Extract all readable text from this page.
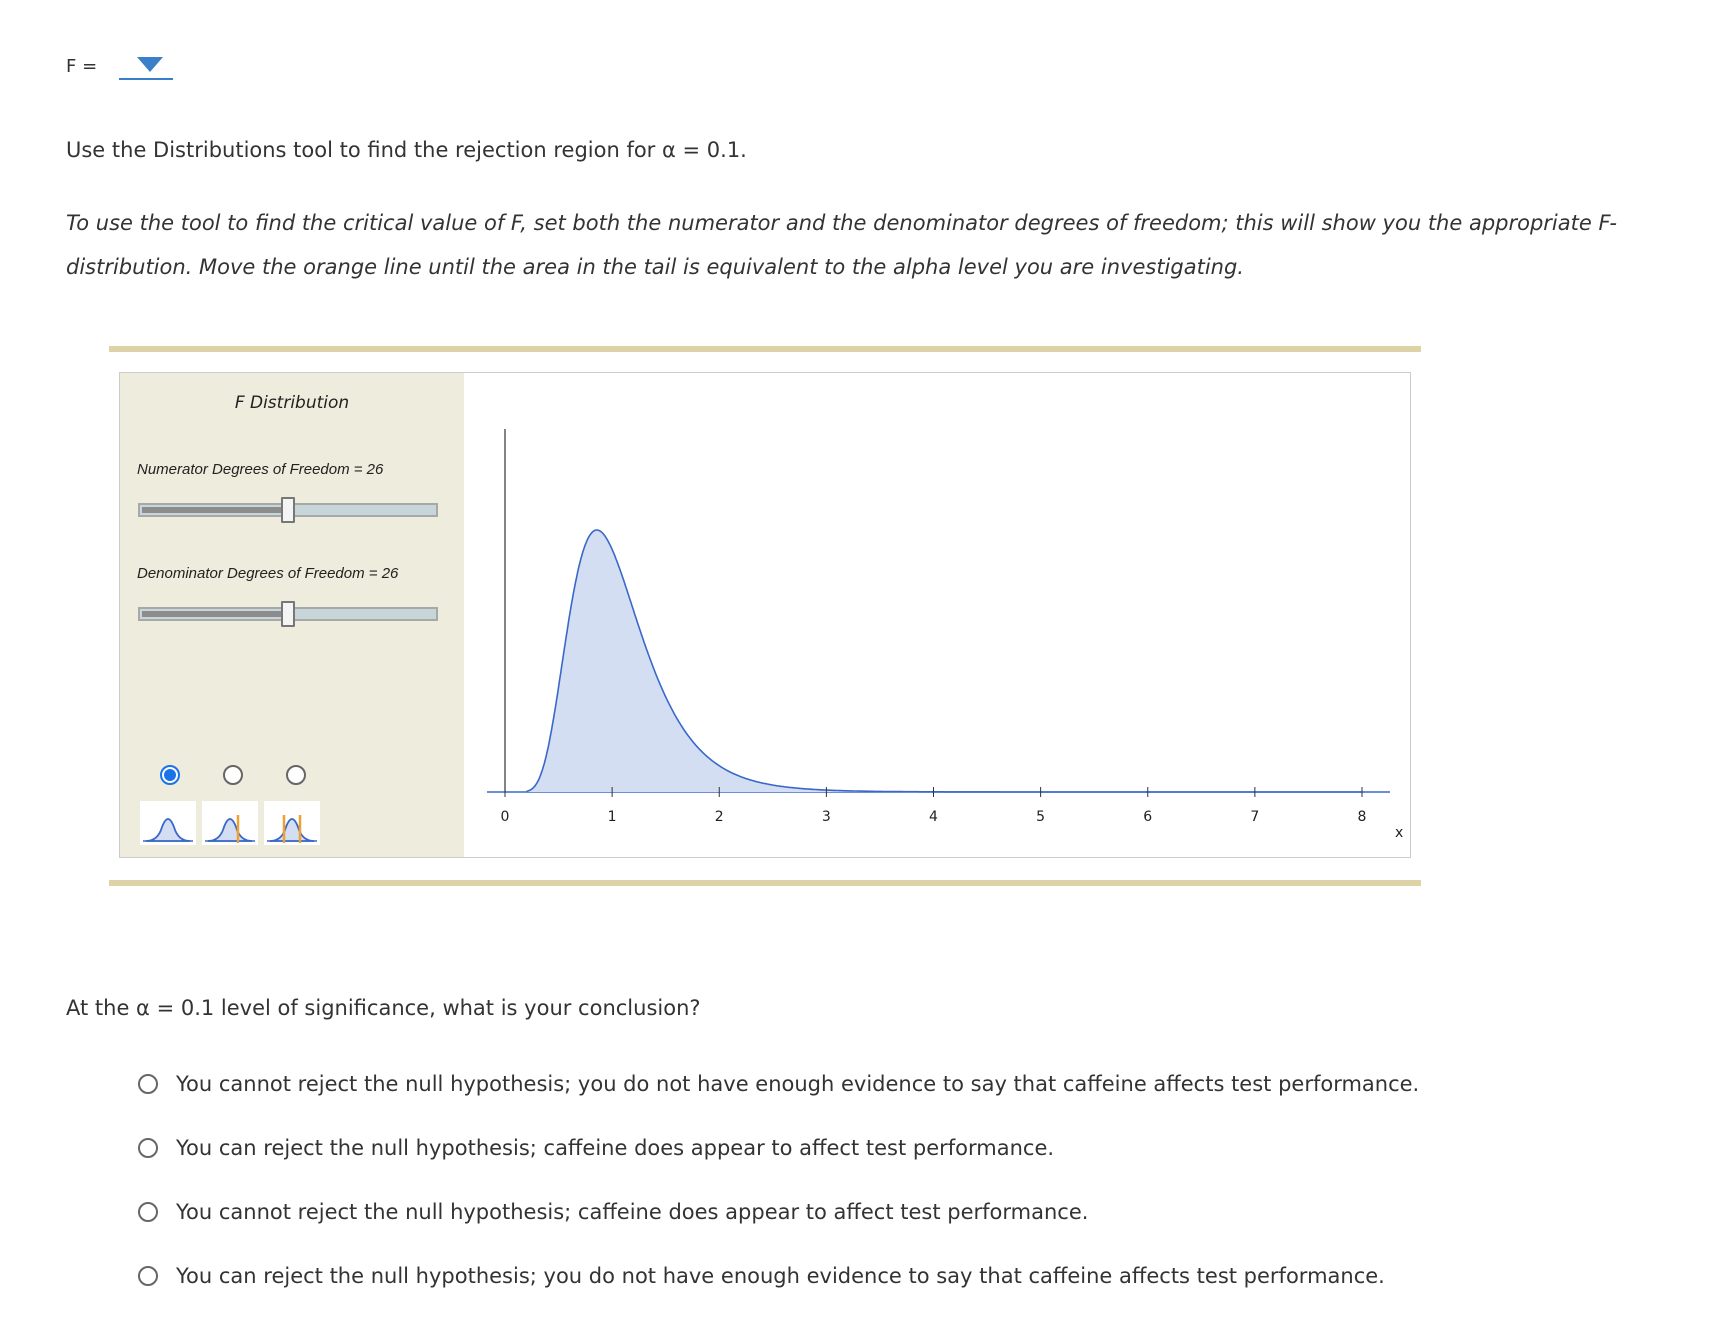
F =
Use the Distributions tool to find the rejection region for α = 0.1.
To use the tool to find the critical value of F, set both the numerator and the denominator degrees of freedom; this will show you the appropriate F-distribution. Move the orange line until the area in the tail is equivalent to the alpha level you are investigating.
F Distribution
Numerator Degrees of Freedom = 26
Denominator Degrees of Freedom = 26
0	1	2	3	4	5	6	7	8
x
At the α = 0.1 level of significance, what is your conclusion?
You cannot reject the null hypothesis; you do not have enough evidence to say that caffeine affects test performance.
You can reject the null hypothesis; caffeine does appear to affect test performance.
You cannot reject the null hypothesis; caffeine does appear to affect test performance.
You can reject the null hypothesis; you do not have enough evidence to say that caffeine affects test performance.
